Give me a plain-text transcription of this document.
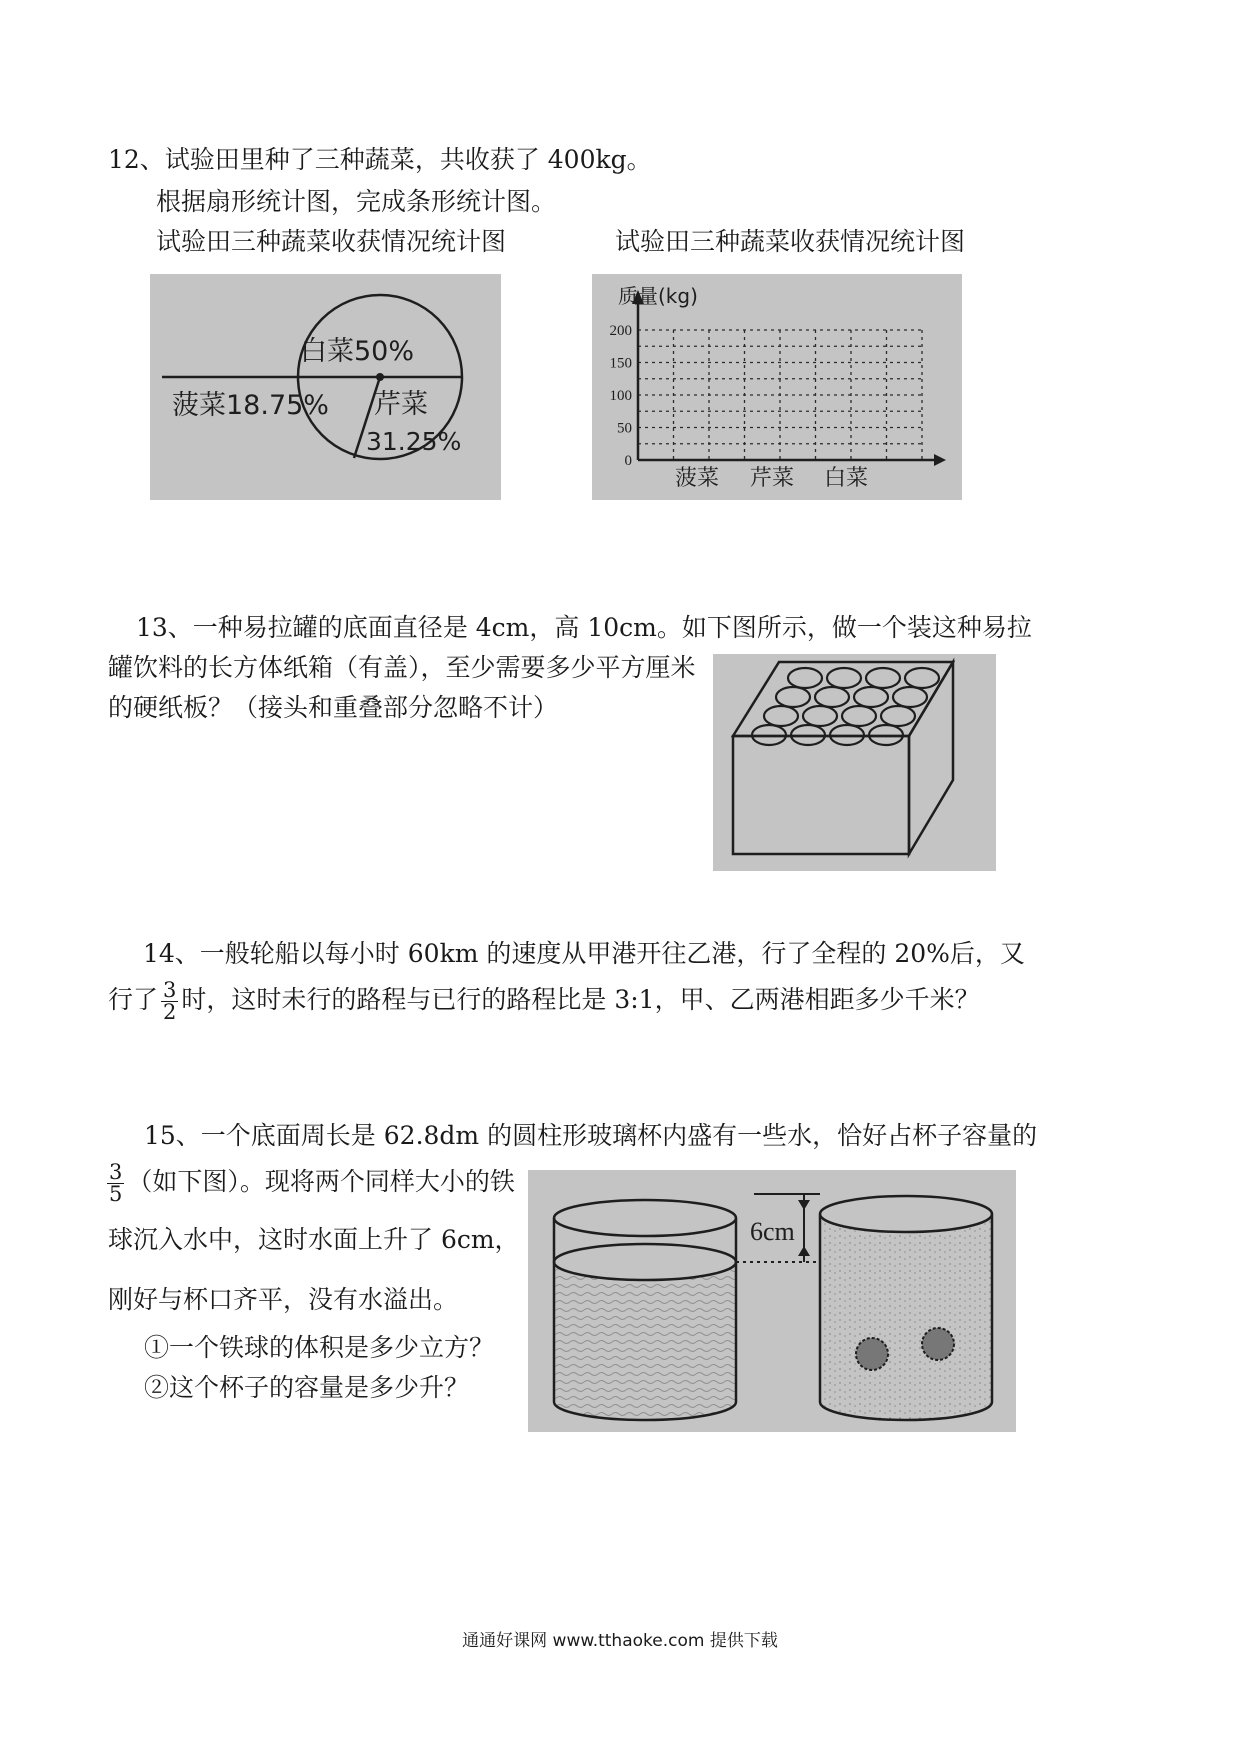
12、试验田里种了三种蔬菜，共收获了 400kg。
根据扇形统计图，完成条形统计图。
试验田三种蔬菜收获情况统计图	试验田三种蔬菜收获情况统计图
白菜50%
菠菜18.75% 芹菜
31.25%
质量(kg)
0
50
100
150
200
菠菜 芹菜 白菜
13、一种易拉罐的底面直径是 4cm，高 10cm。如下图所示，做一个装这种易拉
罐饮料的长方体纸箱（有盖），至少需要多少平方厘米
的硬纸板？（接头和重叠部分忽略不计）
14、一般轮船以每小时 60km 的速度从甲港开往乙港，行了全程的 20%后，又
行了 $\frac{3}{2}$ 时，这时未行的路程与已行的路程比是 3:1，甲、乙两港相距多少千米？
15、一个底面周长是 62.8dm 的圆柱形玻璃杯内盛有一些水，恰好占杯子容量的
$\frac{3}{5}$ （如下图）。现将两个同样大小的铁
球沉入水中，这时水面上升了 6cm，
刚好与杯口齐平，没有水溢出。
①一个铁球的体积是多少立方？
②这个杯子的容量是多少升？
6cm
通通好课网 www.tthaoke.com 提供下载
